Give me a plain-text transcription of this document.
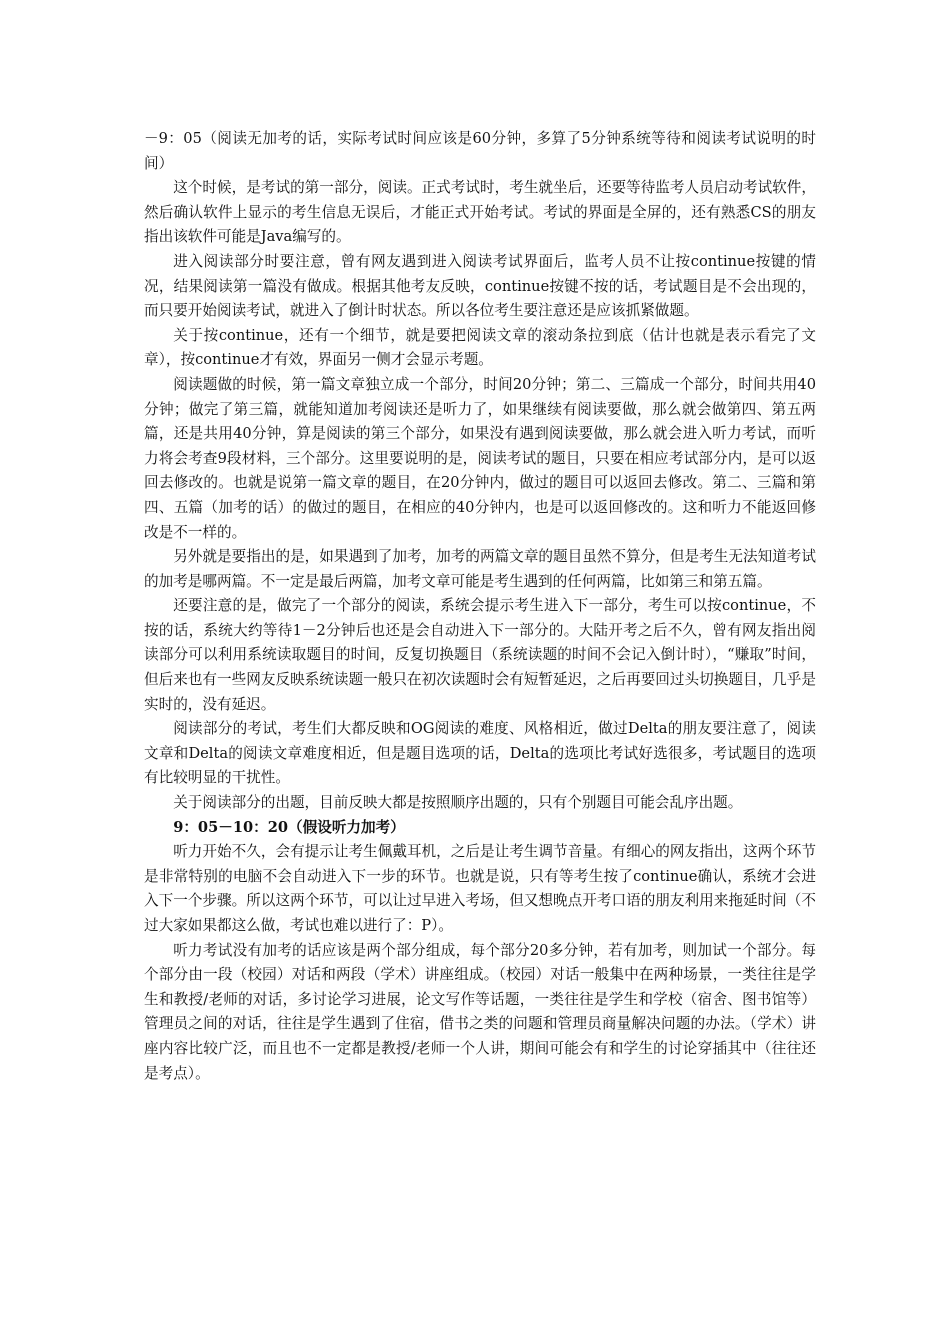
－9：05（阅读无加考的话，实际考试时间应该是60分钟，多算了5分钟系统等待和阅读考试说明的时间）

这个时候，是考试的第一部分，阅读。正式考试时，考生就坐后，还要等待监考人员启动考试软件，然后确认软件上显示的考生信息无误后，才能正式开始考试。考试的界面是全屏的，还有熟悉CS的朋友指出该软件可能是Java编写的。

进入阅读部分时要注意，曾有网友遇到进入阅读考试界面后，监考人员不让按continue按键的情况，结果阅读第一篇没有做成。根据其他考友反映，continue按键不按的话，考试题目是不会出现的，而只要开始阅读考试，就进入了倒计时状态。所以各位考生要注意还是应该抓紧做题。

关于按continue，还有一个细节，就是要把阅读文章的滚动条拉到底（估计也就是表示看完了文章），按continue才有效，界面另一侧才会显示考题。

阅读题做的时候，第一篇文章独立成一个部分，时间20分钟；第二、三篇成一个部分，时间共用40分钟；做完了第三篇，就能知道加考阅读还是听力了，如果继续有阅读要做，那么就会做第四、第五两篇，还是共用40分钟，算是阅读的第三个部分，如果没有遇到阅读要做，那么就会进入听力考试，而听力将会考查9段材料，三个部分。这里要说明的是，阅读考试的题目，只要在相应考试部分内，是可以返回去修改的。也就是说第一篇文章的题目，在20分钟内，做过的题目可以返回去修改。第二、三篇和第四、五篇（加考的话）的做过的题目，在相应的40分钟内，也是可以返回修改的。这和听力不能返回修改是不一样的。

另外就是要指出的是，如果遇到了加考，加考的两篇文章的题目虽然不算分，但是考生无法知道考试的加考是哪两篇。不一定是最后两篇，加考文章可能是考生遇到的任何两篇，比如第三和第五篇。

还要注意的是，做完了一个部分的阅读，系统会提示考生进入下一部分，考生可以按continue，不按的话，系统大约等待1－2分钟后也还是会自动进入下一部分的。大陆开考之后不久，曾有网友指出阅读部分可以利用系统读取题目的时间，反复切换题目（系统读题的时间不会记入倒计时），“赚取”时间，但后来也有一些网友反映系统读题一般只在初次读题时会有短暂延迟，之后再要回过头切换题目，几乎是实时的，没有延迟。

阅读部分的考试，考生们大都反映和OG阅读的难度、风格相近，做过Delta的朋友要注意了，阅读文章和Delta的阅读文章难度相近，但是题目选项的话，Delta的选项比考试好选很多，考试题目的选项有比较明显的干扰性。

关于阅读部分的出题，目前反映大都是按照顺序出题的，只有个别题目可能会乱序出题。

9：05－10：20（假设听力加考）

听力开始不久，会有提示让考生佩戴耳机，之后是让考生调节音量。有细心的网友指出，这两个环节是非常特别的电脑不会自动进入下一步的环节。也就是说，只有等考生按了continue确认，系统才会进入下一个步骤。所以这两个环节，可以让过早进入考场，但又想晚点开考口语的朋友利用来拖延时间（不过大家如果都这么做，考试也难以进行了：P）。

听力考试没有加考的话应该是两个部分组成，每个部分20多分钟，若有加考，则加试一个部分。每个部分由一段（校园）对话和两段（学术）讲座组成。（校园）对话一般集中在两种场景，一类往往是学生和教授/老师的对话，多讨论学习进展，论文写作等话题，一类往往是学生和学校（宿舍、图书馆等）管理员之间的对话，往往是学生遇到了住宿，借书之类的问题和管理员商量解决问题的办法。（学术）讲座内容比较广泛，而且也不一定都是教授/老师一个人讲，期间可能会有和学生的讨论穿插其中（往往还是考点）。
